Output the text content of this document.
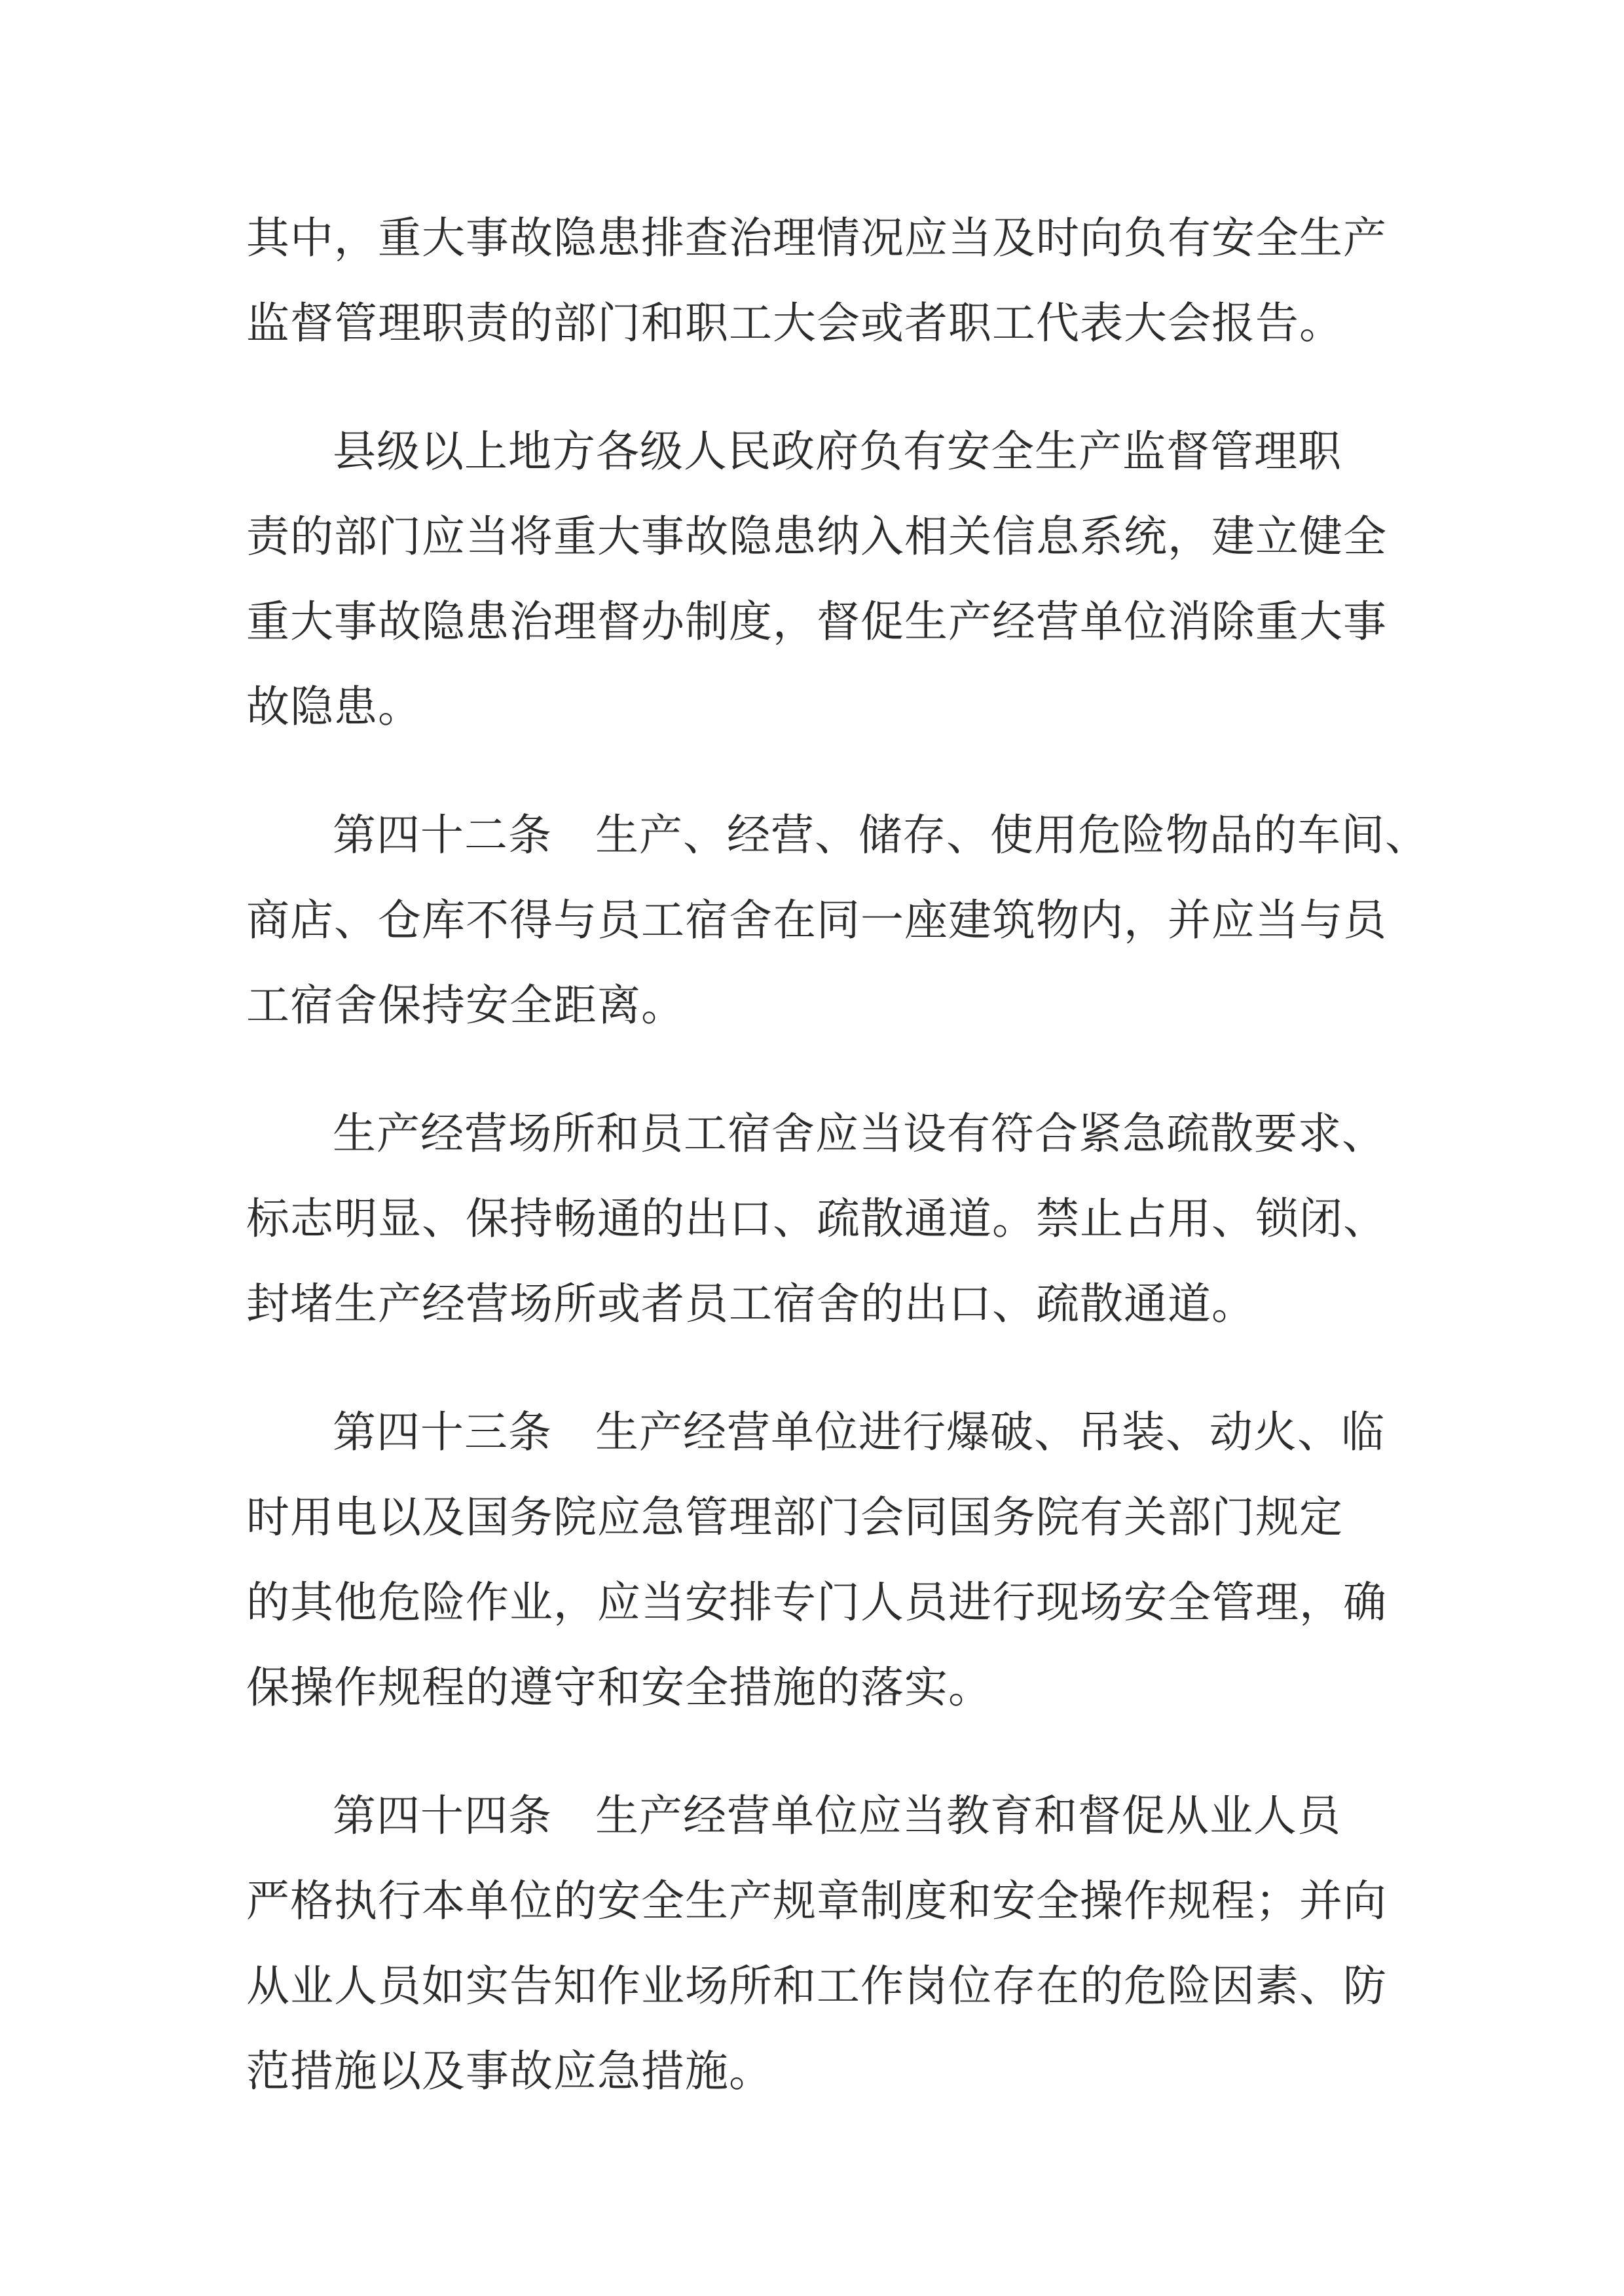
其中，重大事故隐患排查治理情况应当及时向负有安全生产
监督管理职责的部门和职工大会或者职工代表大会报告。
县级以上地方各级人民政府负有安全生产监督管理职
责的部门应当将重大事故隐患纳入相关信息系统，建立健全
重大事故隐患治理督办制度，督促生产经营单位消除重大事
故隐患。
第四十二条 生产、经营、储存、使用危险物品的车间、
商店、仓库不得与员工宿舍在同一座建筑物内，并应当与员
工宿舍保持安全距离。
生产经营场所和员工宿舍应当设有符合紧急疏散要求、
标志明显、保持畅通的出口、疏散通道。禁止占用、锁闭、
封堵生产经营场所或者员工宿舍的出口、疏散通道。
第四十三条 生产经营单位进行爆破、吊装、动火、临
时用电以及国务院应急管理部门会同国务院有关部门规定
的其他危险作业，应当安排专门人员进行现场安全管理，确
保操作规程的遵守和安全措施的落实。
第四十四条 生产经营单位应当教育和督促从业人员
严格执行本单位的安全生产规章制度和安全操作规程；并向
从业人员如实告知作业场所和工作岗位存在的危险因素、防
范措施以及事故应急措施。
